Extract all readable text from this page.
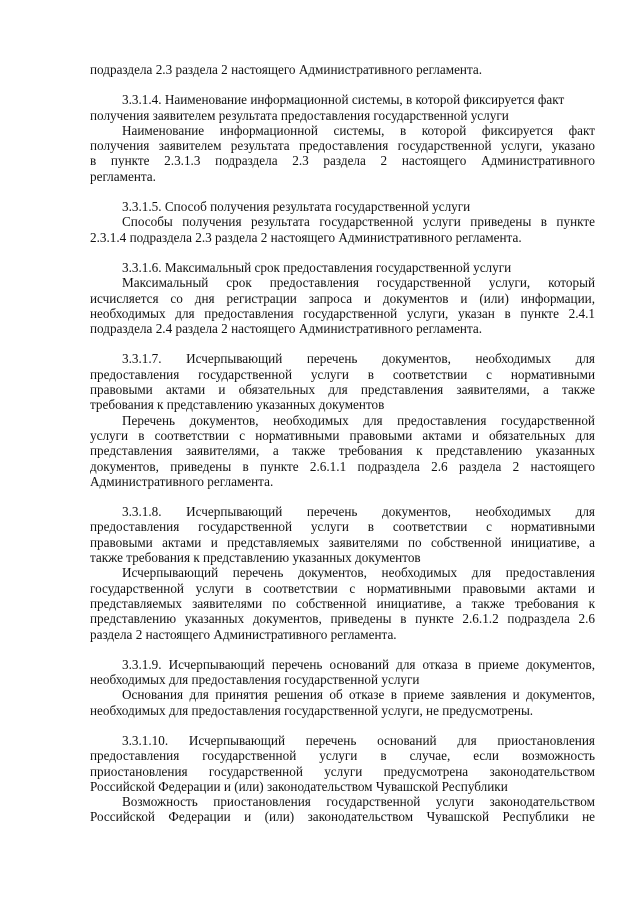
подраздела 2.3 раздела 2 настоящего Административного регламента.
3.3.1.4. Наименование информационной системы, в которой фиксируется факт
получения заявителем результата предоставления государственной услуги
Наименование информационной системы, в которой фиксируется факт
получения заявителем результата предоставления государственной услуги, указано
в пункте 2.3.1.3 подраздела 2.3 раздела 2 настоящего Административного
регламента.
3.3.1.5. Способ получения результата государственной услуги
Способы получения результата государственной услуги приведены в пункте
2.3.1.4 подраздела 2.3 раздела 2 настоящего Административного регламента.
3.3.1.6. Максимальный срок предоставления государственной услуги
Максимальный срок предоставления государственной услуги, который
исчисляется со дня регистрации запроса и документов и (или) информации,
необходимых для предоставления государственной услуги, указан в пункте 2.4.1
подраздела 2.4 раздела 2 настоящего Административного регламента.
3.3.1.7. Исчерпывающий перечень документов, необходимых для
предоставления государственной услуги в соответствии с нормативными
правовыми актами и обязательных для представления заявителями, а также
требования к представлению указанных документов
Перечень документов, необходимых для предоставления государственной
услуги в соответствии с нормативными правовыми актами и обязательных для
представления заявителями, а также требования к представлению указанных
документов, приведены в пункте 2.6.1.1 подраздела 2.6 раздела 2 настоящего
Административного регламента.
3.3.1.8. Исчерпывающий перечень документов, необходимых для
предоставления государственной услуги в соответствии с нормативными
правовыми актами и представляемых заявителями по собственной инициативе, а
также требования к представлению указанных документов
Исчерпывающий перечень документов, необходимых для предоставления
государственной услуги в соответствии с нормативными правовыми актами и
представляемых заявителями по собственной инициативе, а также требования к
представлению указанных документов, приведены в пункте 2.6.1.2 подраздела 2.6
раздела 2 настоящего Административного регламента.
3.3.1.9. Исчерпывающий перечень оснований для отказа в приеме документов,
необходимых для предоставления государственной услуги
Основания для принятия решения об отказе в приеме заявления и документов,
необходимых для предоставления государственной услуги, не предусмотрены.
3.3.1.10. Исчерпывающий перечень оснований для приостановления
предоставления государственной услуги в случае, если возможность
приостановления государственной услуги предусмотрена законодательством
Российской Федерации и (или) законодательством Чувашской Республики
Возможность приостановления государственной услуги законодательством
Российской Федерации и (или) законодательством Чувашской Республики не
